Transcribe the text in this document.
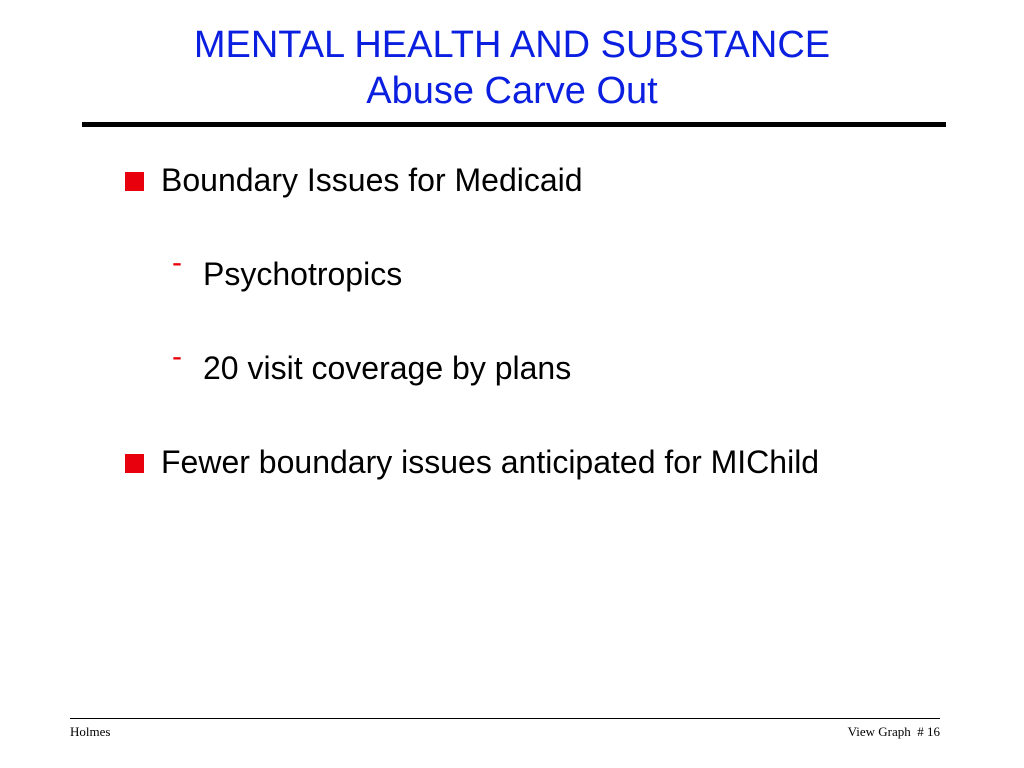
MENTAL HEALTH AND SUBSTANCE
Abuse Carve Out
Boundary Issues for Medicaid
- Psychotropics
- 20 visit coverage by plans
Fewer boundary issues anticipated for MIChild
Holmes	View Graph  # 16
